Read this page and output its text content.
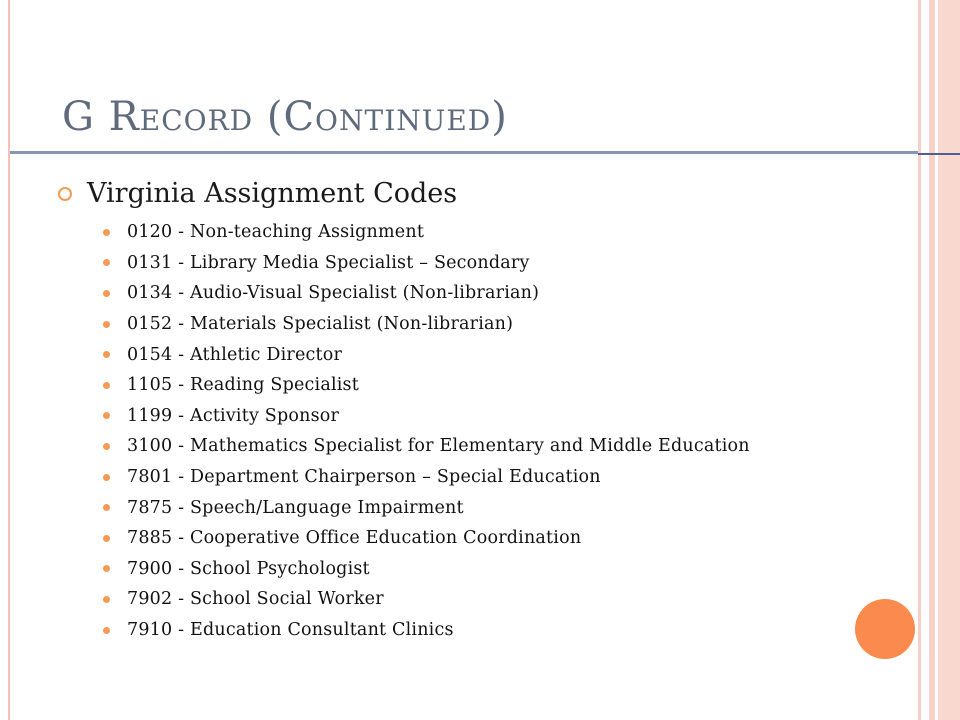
G Record (Continued)
Virginia Assignment Codes
0120 - Non-teaching Assignment
0131 - Library Media Specialist – Secondary
0134 - Audio-Visual Specialist (Non-librarian)
0152 - Materials Specialist (Non-librarian)
0154 - Athletic Director
1105 - Reading Specialist
1199 - Activity Sponsor
3100 - Mathematics Specialist for Elementary and Middle Education
7801 - Department Chairperson – Special Education
7875 - Speech/Language Impairment
7885 - Cooperative Office Education Coordination
7900 - School Psychologist
7902 - School Social Worker
7910 - Education Consultant Clinics
